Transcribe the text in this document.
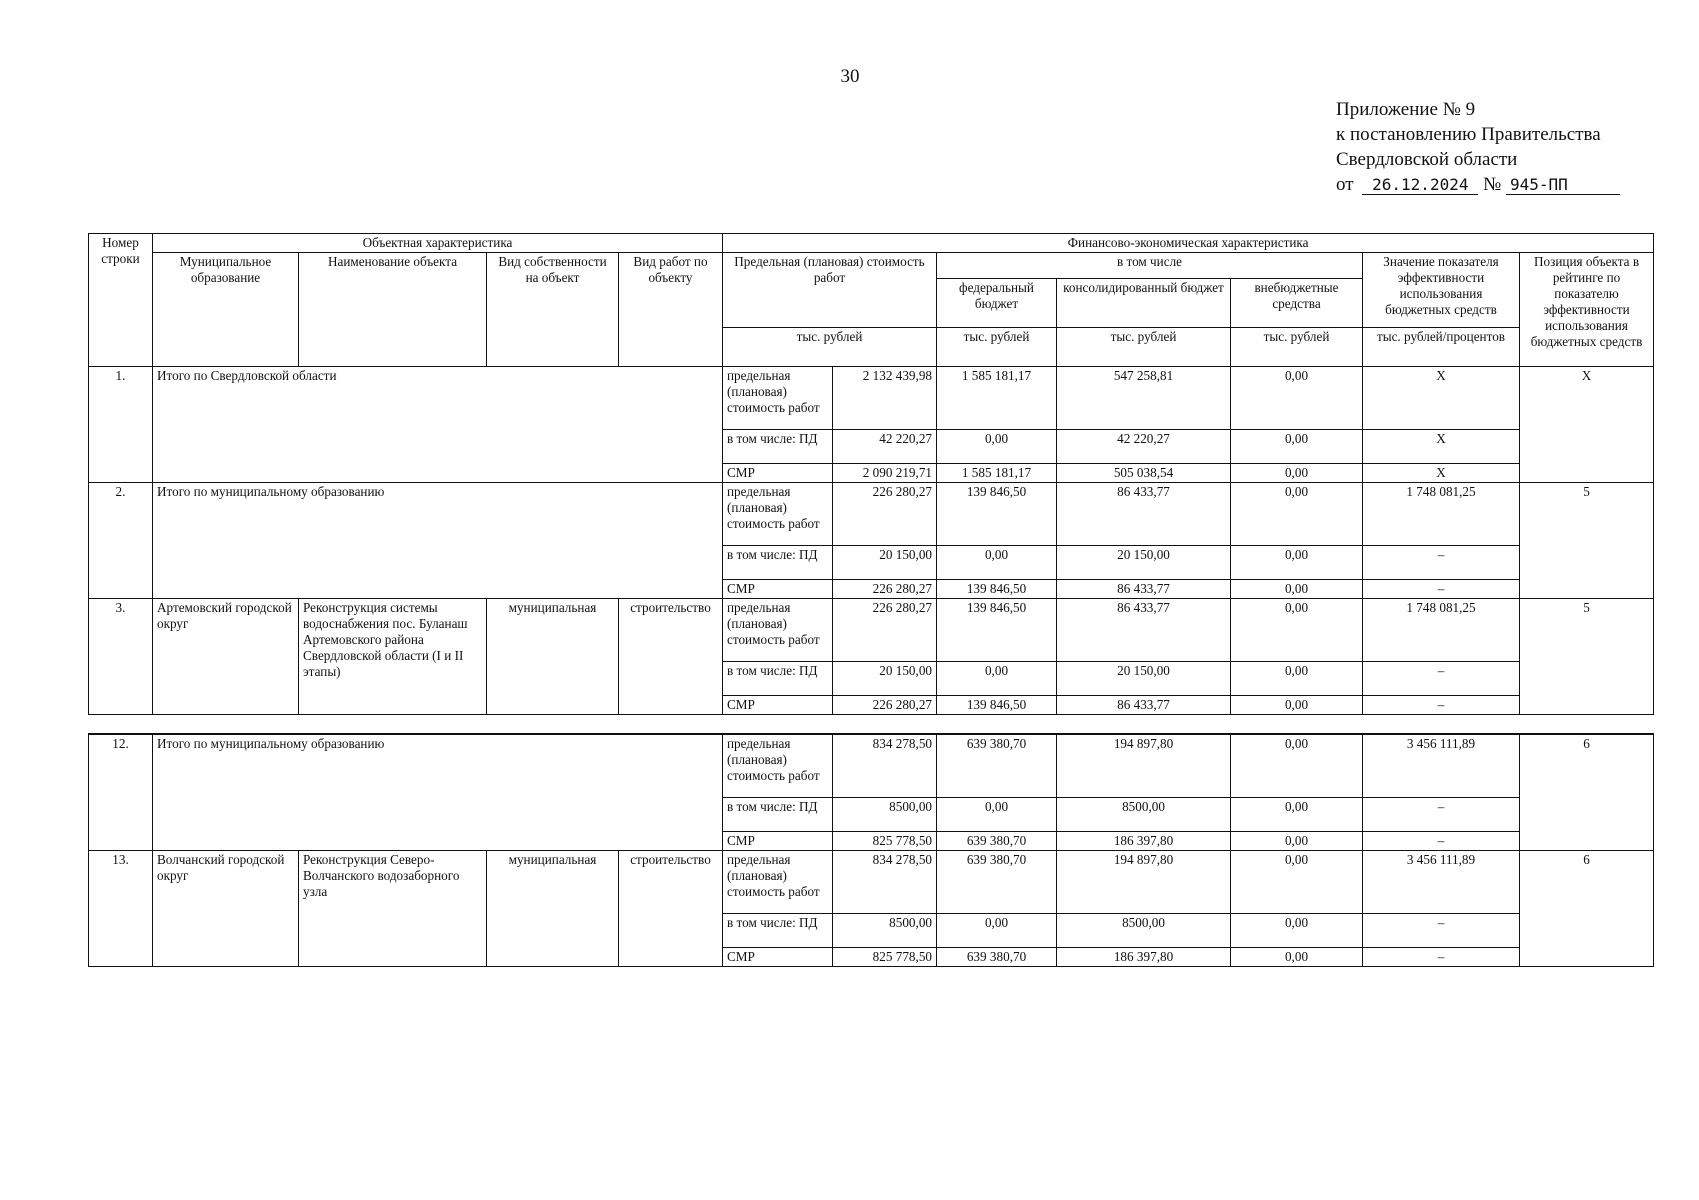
30
Приложение № 9
к постановлению Правительства
Свердловской области
от 26.12.2024 № 945-ПП
Номер строки	Объектная характеристика				Финансово-экономическая характеристика						
	Муниципальное образование	Наименование объекта	Вид собственности на объект	Вид работ по объекту	Предельная (плановая) стоимость работ		в том числе			Значение показателя эффективности использования бюджетных средств	Позиция объекта в рейтинге по показателю эффективности использования бюджетных средств
							федеральный бюджет	консолидированный бюджет	внебюджетные средства		
					тыс. рублей		тыс. рублей	тыс. рублей	тыс. рублей	тыс. рублей/процентов	
1.	Итого по Свердловской области				предельная (плановая) стоимость работ	2 132 439,98	1 585 181,17	547 258,81	0,00	Х	Х
					в том числе: ПД	42 220,27	0,00	42 220,27	0,00	Х	
					СМР	2 090 219,71	1 585 181,17	505 038,54	0,00	Х	
2.	Итого по муниципальному образованию				предельная (плановая) стоимость работ	226 280,27	139 846,50	86 433,77	0,00	1 748 081,25	5
					в том числе: ПД	20 150,00	0,00	20 150,00	0,00	–	
					СМР	226 280,27	139 846,50	86 433,77	0,00	–	
3.	Артемовский городской округ	Реконструкция системы водоснабжения пос. Буланаш Артемовского района Свердловской области (I и II этапы)	муниципальная	строительство	предельная (плановая) стоимость работ	226 280,27	139 846,50	86 433,77	0,00	1 748 081,25	5
					в том числе: ПД	20 150,00	0,00	20 150,00	0,00	–	
					СМР	226 280,27	139 846,50	86 433,77	0,00	–	

12.	Итого по муниципальному образованию				предельная (плановая) стоимость работ	834 278,50	639 380,70	194 897,80	0,00	3 456 111,89	6
					в том числе: ПД	8500,00	0,00	8500,00	0,00	–	
					СМР	825 778,50	639 380,70	186 397,80	0,00	–	
13.	Волчанский городской округ	Реконструкция Северо-Волчанского водозаборного узла	муниципальная	строительство	предельная (плановая) стоимость работ	834 278,50	639 380,70	194 897,80	0,00	3 456 111,89	6
					в том числе: ПД	8500,00	0,00	8500,00	0,00	–	
					СМР	825 778,50	639 380,70	186 397,80	0,00	–	
